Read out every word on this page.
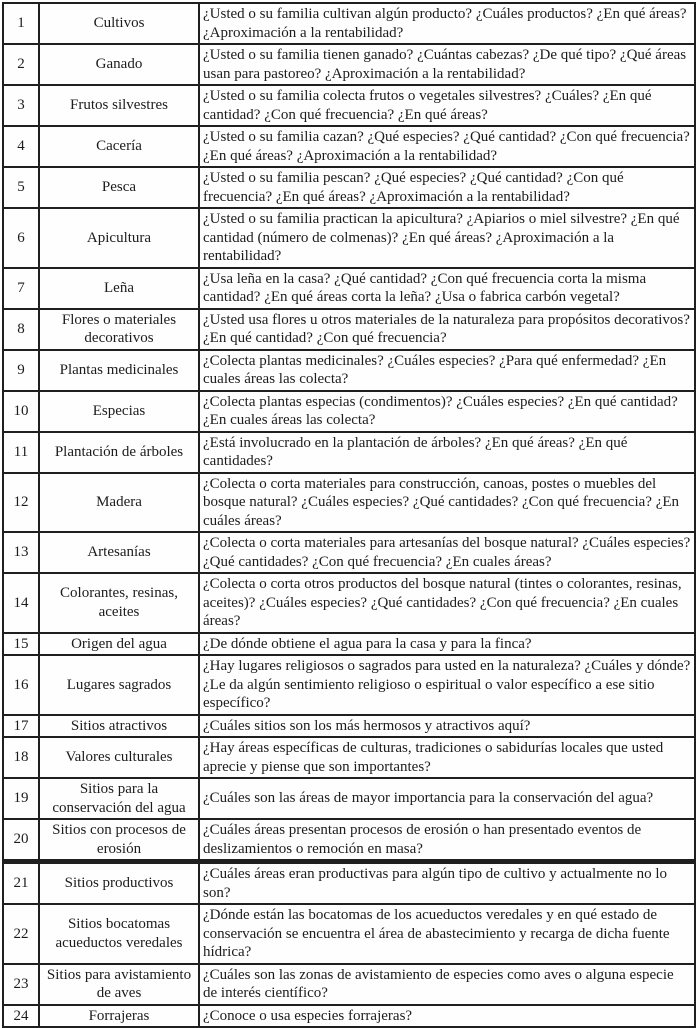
1	Cultivos	¿Usted o su familia cultivan algún producto? ¿Cuáles productos? ¿En qué áreas? ¿Aproximación a la rentabilidad?
2	Ganado	¿Usted o su familia tienen ganado? ¿Cuántas cabezas? ¿De qué tipo? ¿Qué áreas usan para pastoreo? ¿Aproximación a la rentabilidad?
3	Frutos silvestres	¿Usted o su familia colecta frutos o vegetales silvestres? ¿Cuáles? ¿En qué cantidad? ¿Con qué frecuencia? ¿En qué áreas?
4	Cacería	¿Usted o su familia cazan? ¿Qué especies? ¿Qué cantidad? ¿Con qué frecuencia? ¿En qué áreas? ¿Aproximación a la rentabilidad?
5	Pesca	¿Usted o su familia pescan? ¿Qué especies? ¿Qué cantidad? ¿Con qué frecuencia? ¿En qué áreas? ¿Aproximación a la rentabilidad?
6	Apicultura	¿Usted o su familia practican la apicultura? ¿Apiarios o miel silvestre? ¿En qué cantidad (número de colmenas)? ¿En qué áreas? ¿Aproximación a la rentabilidad?
7	Leña	¿Usa leña en la casa? ¿Qué cantidad? ¿Con qué frecuencia corta la misma cantidad? ¿En qué áreas corta la leña? ¿Usa o fabrica carbón vegetal?
8	Flores o materiales decorativos	¿Usted usa flores u otros materiales de la naturaleza para propósitos decorativos? ¿En qué cantidad? ¿Con qué frecuencia?
9	Plantas medicinales	¿Colecta plantas medicinales? ¿Cuáles especies? ¿Para qué enfermedad? ¿En cuales áreas las colecta?
10	Especias	¿Colecta plantas especias (condimentos)? ¿Cuáles especies? ¿En qué cantidad? ¿En cuales áreas las colecta?
11	Plantación de árboles	¿Está involucrado en la plantación de árboles? ¿En qué áreas? ¿En qué cantidades?
12	Madera	¿Colecta o corta materiales para construcción, canoas, postes o muebles del bosque natural? ¿Cuáles especies? ¿Qué cantidades? ¿Con qué frecuencia? ¿En cuáles áreas?
13	Artesanías	¿Colecta o corta materiales para artesanías del bosque natural? ¿Cuáles especies? ¿Qué cantidades? ¿Con qué frecuencia? ¿En cuales áreas?
14	Colorantes, resinas, aceites	¿Colecta o corta otros productos del bosque natural (tintes o colorantes, resinas, aceites)? ¿Cuáles especies? ¿Qué cantidades? ¿Con qué frecuencia? ¿En cuales áreas?
15	Origen del agua	¿De dónde obtiene el agua para la casa y para la finca?
16	Lugares sagrados	¿Hay lugares religiosos o sagrados para usted en la naturaleza? ¿Cuáles y dónde? ¿Le da algún sentimiento religioso o espiritual o valor específico a ese sitio específico?
17	Sitios atractivos	¿Cuáles sitios son los más hermosos y atractivos aquí?
18	Valores culturales	¿Hay áreas específicas de culturas, tradiciones o sabidurías locales que usted aprecie y piense que son importantes?
19	Sitios para la conservación del agua	¿Cuáles son las áreas de mayor importancia para la conservación del agua?
20	Sitios con procesos de erosión	¿Cuáles áreas presentan procesos de erosión o han presentado eventos de deslizamientos o remoción en masa?
21	Sitios productivos	¿Cuáles áreas eran productivas para algún tipo de cultivo y actualmente no lo son?
22	Sitios bocatomas acueductos veredales	¿Dónde están las bocatomas de los acueductos veredales y en qué estado de conservación se encuentra el área de abastecimiento y recarga de dicha fuente hídrica?
23	Sitios para avistamiento de aves	¿Cuáles son las zonas de avistamiento de especies como aves o alguna especie de interés científico?
24	Forrajeras	¿Conoce o usa especies forrajeras?
